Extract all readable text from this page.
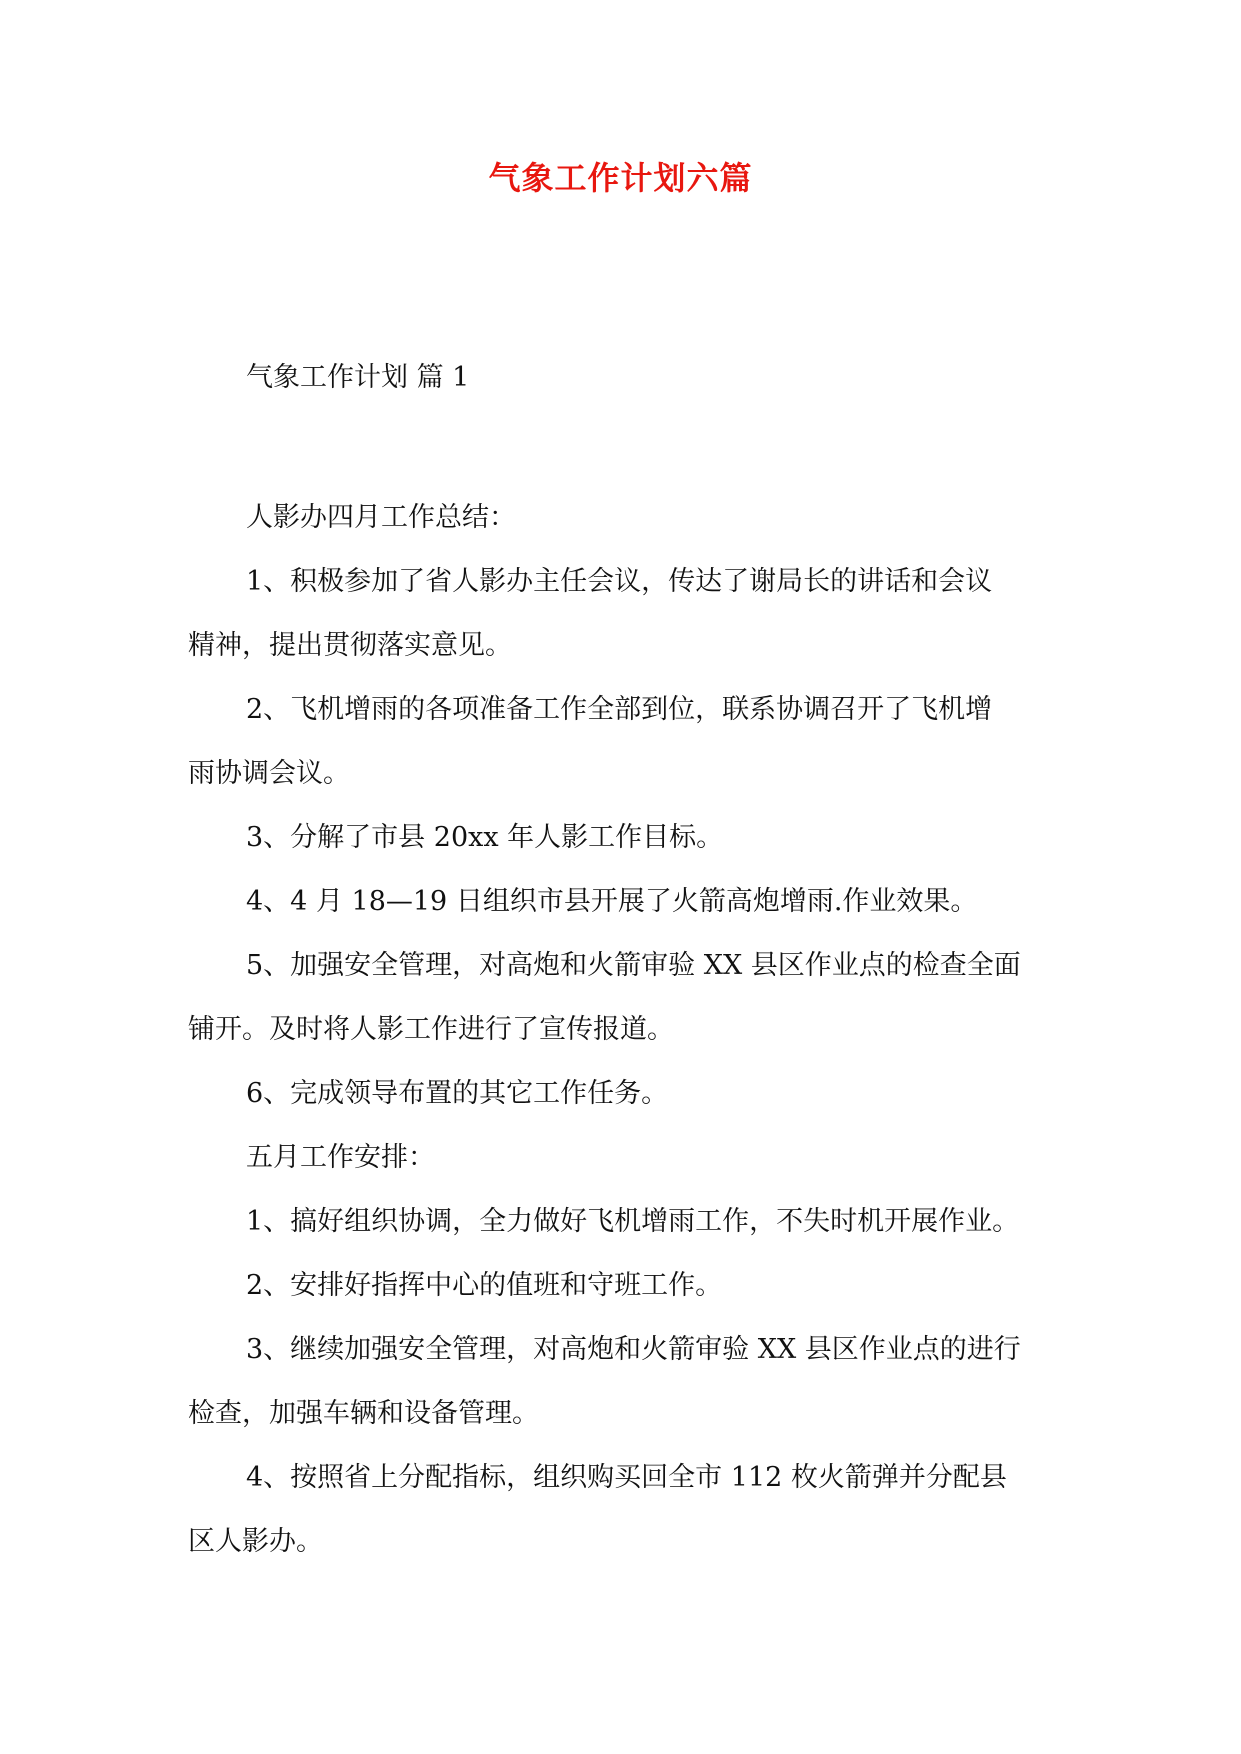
气象工作计划六篇
气象工作计划 篇 1
人影办四月工作总结：
1、积极参加了省人影办主任会议，传达了谢局长的讲话和会议
精神，提出贯彻落实意见。
2、飞机增雨的各项准备工作全部到位，联系协调召开了飞机增
雨协调会议。
3、分解了市县 20xx 年人影工作目标。
4、4 月 18—19 日组织市县开展了火箭高炮增雨.作业效果。
5、加强安全管理，对高炮和火箭审验 XX 县区作业点的检查全面
铺开。及时将人影工作进行了宣传报道。
6、完成领导布置的其它工作任务。
五月工作安排：
1、搞好组织协调，全力做好飞机增雨工作，不失时机开展作业。
2、安排好指挥中心的值班和守班工作。
3、继续加强安全管理，对高炮和火箭审验 XX 县区作业点的进行
检查，加强车辆和设备管理。
4、按照省上分配指标，组织购买回全市 112 枚火箭弹并分配县
区人影办。
